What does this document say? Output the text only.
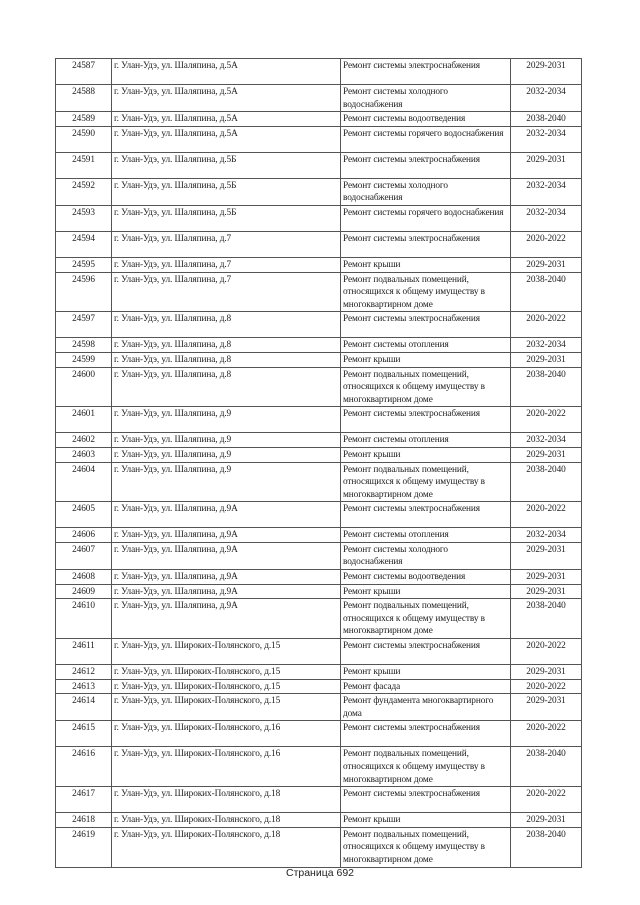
24587	г. Улан-Удэ, ул. Шаляпина, д.5А	Ремонт системы электроснабжения	2029-2031
24588	г. Улан-Удэ, ул. Шаляпина, д.5А	Ремонт системы холодного водоснабжения	2032-2034
24589	г. Улан-Удэ, ул. Шаляпина, д.5А	Ремонт системы водоотведения	2038-2040
24590	г. Улан-Удэ, ул. Шаляпина, д.5А	Ремонт системы горячего водоснабжения	2032-2034
24591	г. Улан-Удэ, ул. Шаляпина, д.5Б	Ремонт системы электроснабжения	2029-2031
24592	г. Улан-Удэ, ул. Шаляпина, д.5Б	Ремонт системы холодного водоснабжения	2032-2034
24593	г. Улан-Удэ, ул. Шаляпина, д.5Б	Ремонт системы горячего водоснабжения	2032-2034
24594	г. Улан-Удэ, ул. Шаляпина, д.7	Ремонт системы электроснабжения	2020-2022
24595	г. Улан-Удэ, ул. Шаляпина, д.7	Ремонт крыши	2029-2031
24596	г. Улан-Удэ, ул. Шаляпина, д.7	Ремонт подвальных помещений, относящихся к общему имуществу в многоквартирном доме	2038-2040
24597	г. Улан-Удэ, ул. Шаляпина, д.8	Ремонт системы электроснабжения	2020-2022
24598	г. Улан-Удэ, ул. Шаляпина, д.8	Ремонт системы отопления	2032-2034
24599	г. Улан-Удэ, ул. Шаляпина, д.8	Ремонт крыши	2029-2031
24600	г. Улан-Удэ, ул. Шаляпина, д.8	Ремонт подвальных помещений, относящихся к общему имуществу в многоквартирном доме	2038-2040
24601	г. Улан-Удэ, ул. Шаляпина, д.9	Ремонт системы электроснабжения	2020-2022
24602	г. Улан-Удэ, ул. Шаляпина, д.9	Ремонт системы отопления	2032-2034
24603	г. Улан-Удэ, ул. Шаляпина, д.9	Ремонт крыши	2029-2031
24604	г. Улан-Удэ, ул. Шаляпина, д.9	Ремонт подвальных помещений, относящихся к общему имуществу в многоквартирном доме	2038-2040
24605	г. Улан-Удэ, ул. Шаляпина, д.9А	Ремонт системы электроснабжения	2020-2022
24606	г. Улан-Удэ, ул. Шаляпина, д.9А	Ремонт системы отопления	2032-2034
24607	г. Улан-Удэ, ул. Шаляпина, д.9А	Ремонт системы холодного водоснабжения	2029-2031
24608	г. Улан-Удэ, ул. Шаляпина, д.9А	Ремонт системы водоотведения	2029-2031
24609	г. Улан-Удэ, ул. Шаляпина, д.9А	Ремонт крыши	2029-2031
24610	г. Улан-Удэ, ул. Шаляпина, д.9А	Ремонт подвальных помещений, относящихся к общему имуществу в многоквартирном доме	2038-2040
24611	г. Улан-Удэ, ул. Широких-Полянского, д.15	Ремонт системы электроснабжения	2020-2022
24612	г. Улан-Удэ, ул. Широких-Полянского, д.15	Ремонт крыши	2029-2031
24613	г. Улан-Удэ, ул. Широких-Полянского, д.15	Ремонт фасада	2020-2022
24614	г. Улан-Удэ, ул. Широких-Полянского, д.15	Ремонт фундамента многоквартирного дома	2029-2031
24615	г. Улан-Удэ, ул. Широких-Полянского, д.16	Ремонт системы электроснабжения	2020-2022
24616	г. Улан-Удэ, ул. Широких-Полянского, д.16	Ремонт подвальных помещений, относящихся к общему имуществу в многоквартирном доме	2038-2040
24617	г. Улан-Удэ, ул. Широких-Полянского, д.18	Ремонт системы электроснабжения	2020-2022
24618	г. Улан-Удэ, ул. Широких-Полянского, д.18	Ремонт крыши	2029-2031
24619	г. Улан-Удэ, ул. Широких-Полянского, д.18	Ремонт подвальных помещений, относящихся к общему имуществу в многоквартирном доме	2038-2040
Страница 692
